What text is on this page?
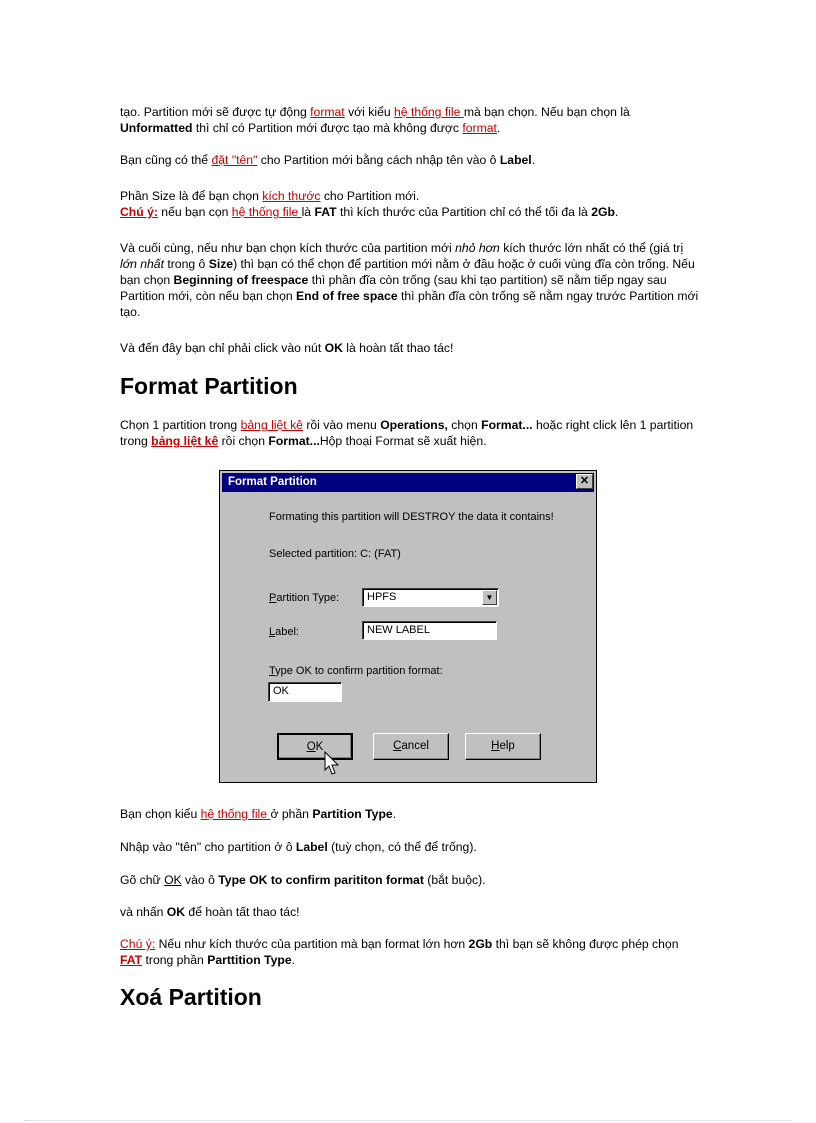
tạo. Partition mới sẽ được tự động format với kiểu hệ thống file mà bạn chọn. Nếu bạn chọn là Unformatted thì chỉ có Partition mới được tạo mà không được format.

Bạn cũng có thể đặt "tên" cho Partition mới bằng cách nhập tên vào ô Label.

Phần Size là để bạn chọn kích thước cho Partition mới.
Chú ý: nếu bạn cọn hệ thống file là FAT thì kích thước của Partition chỉ có thể tối đa là 2Gb.

Và cuối cùng, nếu như bạn chọn kích thước của partition mới nhỏ hơn kích thước lớn nhất có thể (giá trị lớn nhất trong ô Size) thì bạn có thể chọn để partition mới nằm ở đầu hoặc ở cuối vùng đĩa còn trống. Nếu bạn chọn Beginning of freespace thì phần đĩa còn trống (sau khi tạo partition) sẽ nằm tiếp ngay sau Partition mới, còn nếu bạn chọn End of free space thì phần đĩa còn trống sẽ nằm ngay trước Partition mới tạo.

Và đến đây bạn chỉ phải click vào nút OK là hoàn tất thao tác!

Format Partition

Chọn 1 partition trong bảng liệt kê rồi vào menu Operations, chọn Format... hoặc right click lên 1 partition trong bảng liệt kê rồi chọn Format...Hộp thoại Format sẽ xuất hiện.

Bạn chọn kiểu hệ thống file ở phần Partition Type.

Nhập vào "tên" cho partition ở ô Label (tuỳ chọn, có thể để trống).

Gõ chữ OK vào ô Type OK to confirm parititon format (bắt buộc).

và nhấn OK để hoàn tất thao tác!

Chú ý: Nếu như kích thước của partition mà bạn format lớn hơn 2Gb thì bạn sẽ không được phép chọn FAT trong phần Parttition Type.

Xoá Partition
Format Partition	✕
Formating this partition will DESTROY the data it contains!
Selected partition: C: (FAT)
Partition Type:	HPFS	▼
Label:	NEW LABEL
Type OK to confirm partition format:
OK
OK	Cancel	Help
